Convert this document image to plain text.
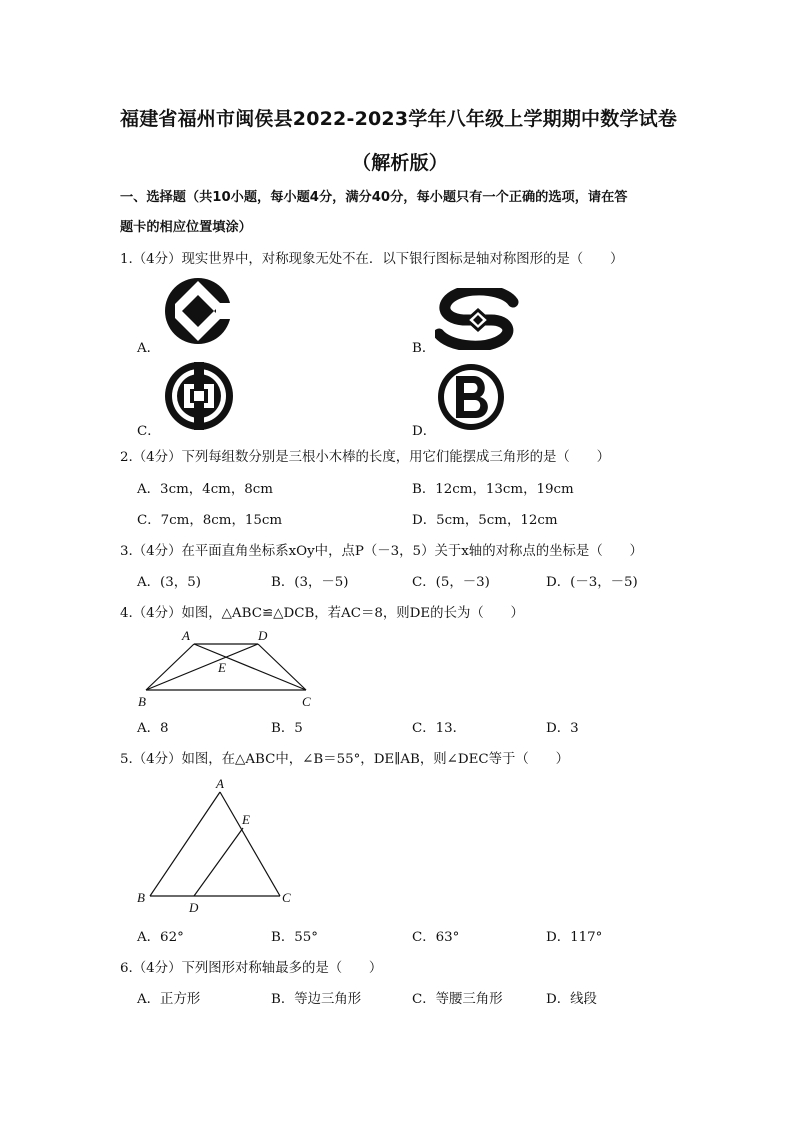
福建省福州市闽侯县2022-2023学年八年级上学期期中数学试卷
（解析版）
一、选择题（共10小题，每小题4分，满分40分，每小题只有一个正确的选项，请在答
题卡的相应位置填涂）
1.（4分）现实世界中，对称现象无处不在．以下银行图标是轴对称图形的是（　　）
A．	B．
C．	D．
2.（4分）下列每组数分别是三根小木棒的长度，用它们能摆成三角形的是（　　）
A．3cm，4cm，8cm	B．12cm，13cm，19cm
C．7cm，8cm，15cm	D．5cm，5cm，12cm
3.（4分）在平面直角坐标系xOy中，点P（－3，5）关于x轴的对称点的坐标是（　　）
A．(3，5)	B．(3，－5)	C．(5，－3)	D．(－3，－5)
4.（4分）如图，△ABC≌△DCB，若AC＝8，则DE的长为（　　）
A	D
E
B	C
A．8	B．5	C．13．	D．3
5.（4分）如图，在△ABC中，∠B＝55°，DE∥AB，则∠DEC等于（　　）
A
E
B
D
C
A．62°	B．55°	C．63°	D．117°
6.（4分）下列图形对称轴最多的是（　　）
A．正方形	B．等边三角形	C．等腰三角形	D．线段
